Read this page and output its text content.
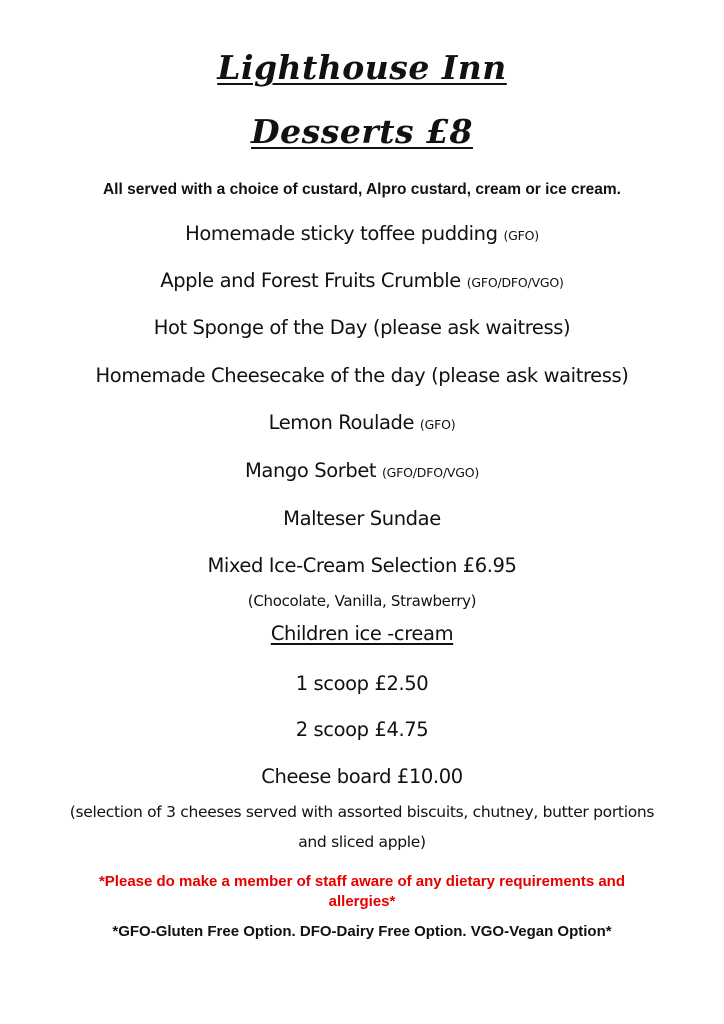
Lighthouse Inn
Desserts £8
All served with a choice of custard, Alpro custard, cream or ice cream.
Homemade sticky toffee pudding (GFO)
Apple and Forest Fruits Crumble (GFO/DFO/VGO)
Hot Sponge of the Day (please ask waitress)
Homemade Cheesecake of the day (please ask waitress)
Lemon Roulade (GFO)
Mango Sorbet (GFO/DFO/VGO)
Malteser Sundae
Mixed Ice-Cream Selection £6.95
(Chocolate, Vanilla, Strawberry)
Children ice -cream
1 scoop £2.50
2 scoop £4.75
Cheese board £10.00
(selection of 3 cheeses served with assorted biscuits, chutney, butter portions
and sliced apple)
*Please do make a member of staff aware of any dietary requirements and allergies*
*GFO-Gluten Free Option. DFO-Dairy Free Option. VGO-Vegan Option*
